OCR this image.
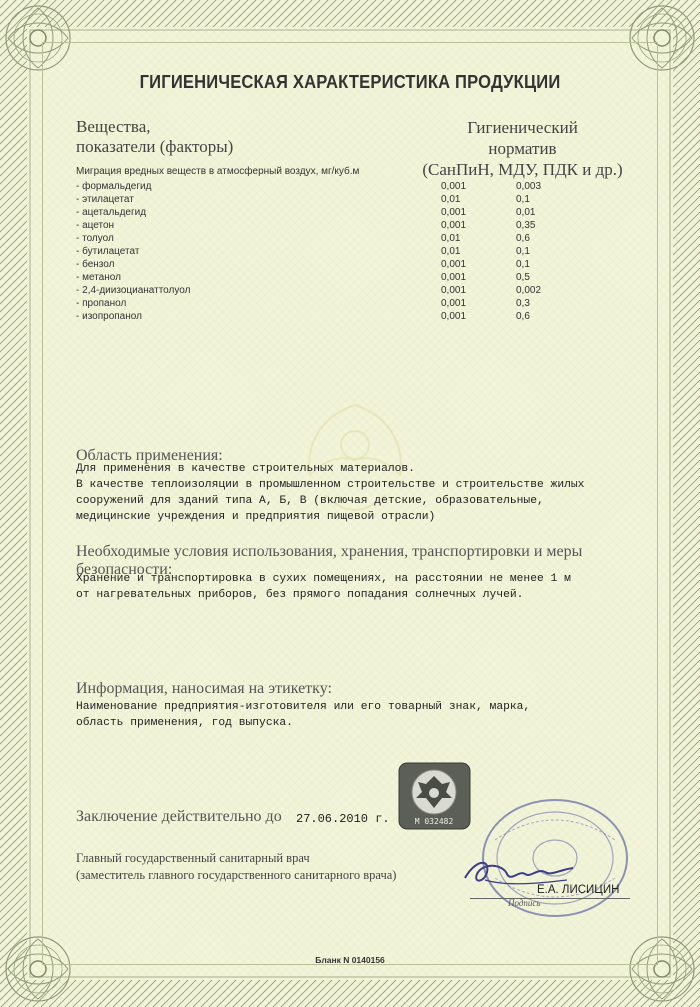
ГИГИЕНИЧЕСКАЯ ХАРАКТЕРИСТИКА ПРОДУКЦИИ
Вещества,
показатели (факторы)
Гигиенический
норматив
(СанПиН, МДУ, ПДК и др.)
Миграция вредных веществ в атмосферный воздух, мг/куб.м
- формальдегид	0,001	0,003
- этилацетат	0,01	0,1
- ацетальдегид	0,001	0,01
- ацетон	0,001	0,35
- толуол	0,01	0,6
- бутилацетат	0,01	0,1
- бензол	0,001	0,1
- метанол	0,001	0,5
- 2,4-диизоцианаттолуол	0,001	0,002
- пропанол	0,001	0,3
- изопропанол	0,001	0,6
Область применения:
Для применения в качестве строительных материалов.
В качестве теплоизоляции в промышленном строительстве и строительстве жилых
сооружений для зданий типа А, Б, В (включая детские, образовательные,
медицинские учреждения и предприятия пищевой отрасли)
Необходимые условия использования, хранения, транспортировки и меры
безопасности:
Хранение и транспортировка в сухих помещениях, на расстоянии не менее 1 м
от нагревательных приборов, без прямого попадания солнечных лучей.
Информация, наносимая на этикетку:
Наименование предприятия-изготовителя или его товарный знак, марка,
область применения, год выпуска.
М 032482
Заключение действительно до 27.06.2010 г.
Главный государственный санитарный врач
(заместитель главного государственного санитарного врача)
Е.А. ЛИСИЦИН
Подпись
Бланк N 0140156
